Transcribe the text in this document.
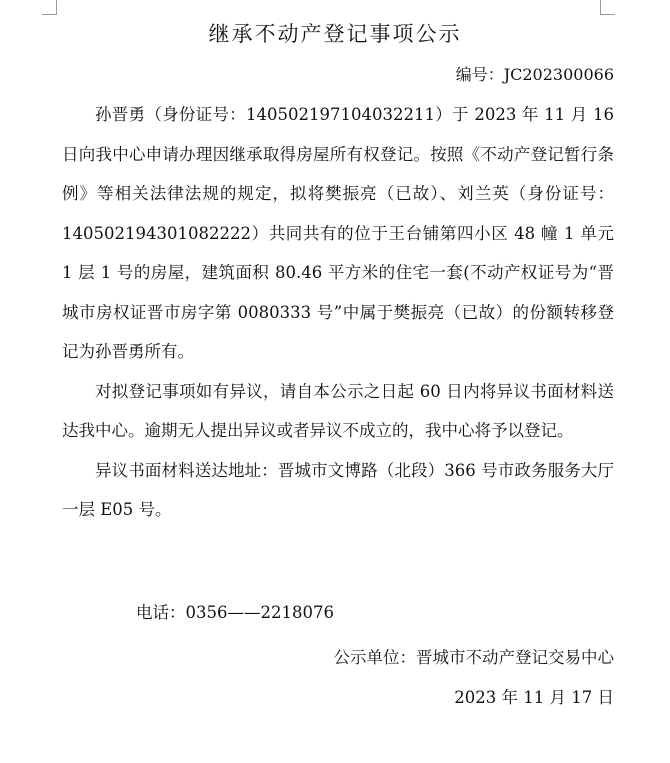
继承不动产登记事项公示
编号：JC202300066

孙晋勇（身份证号：140502197104032211）于 2023 年 11 月 16 日向我中心申请办理因继承取得房屋所有权登记。按照《不动产登记暂行条例》等相关法律法规的规定，拟将樊振亮（已故）、刘兰英（身份证号：140502194301082222）共同共有的位于王台铺第四小区 48 幢 1 单元 1 层 1 号的房屋，建筑面积 80.46 平方米的住宅一套(不动产权证号为“晋城市房权证晋市房字第 0080333 号”中属于樊振亮（已故）的份额转移登记为孙晋勇所有。

对拟登记事项如有异议，请自本公示之日起 60 日内将异议书面材料送达我中心。逾期无人提出异议或者异议不成立的，我中心将予以登记。

异议书面材料送达地址：晋城市文博路（北段）366 号市政务服务大厅一层 E05 号。

电话：0356——2218076
公示单位：晋城市不动产登记交易中心
2023 年 11 月 17 日
